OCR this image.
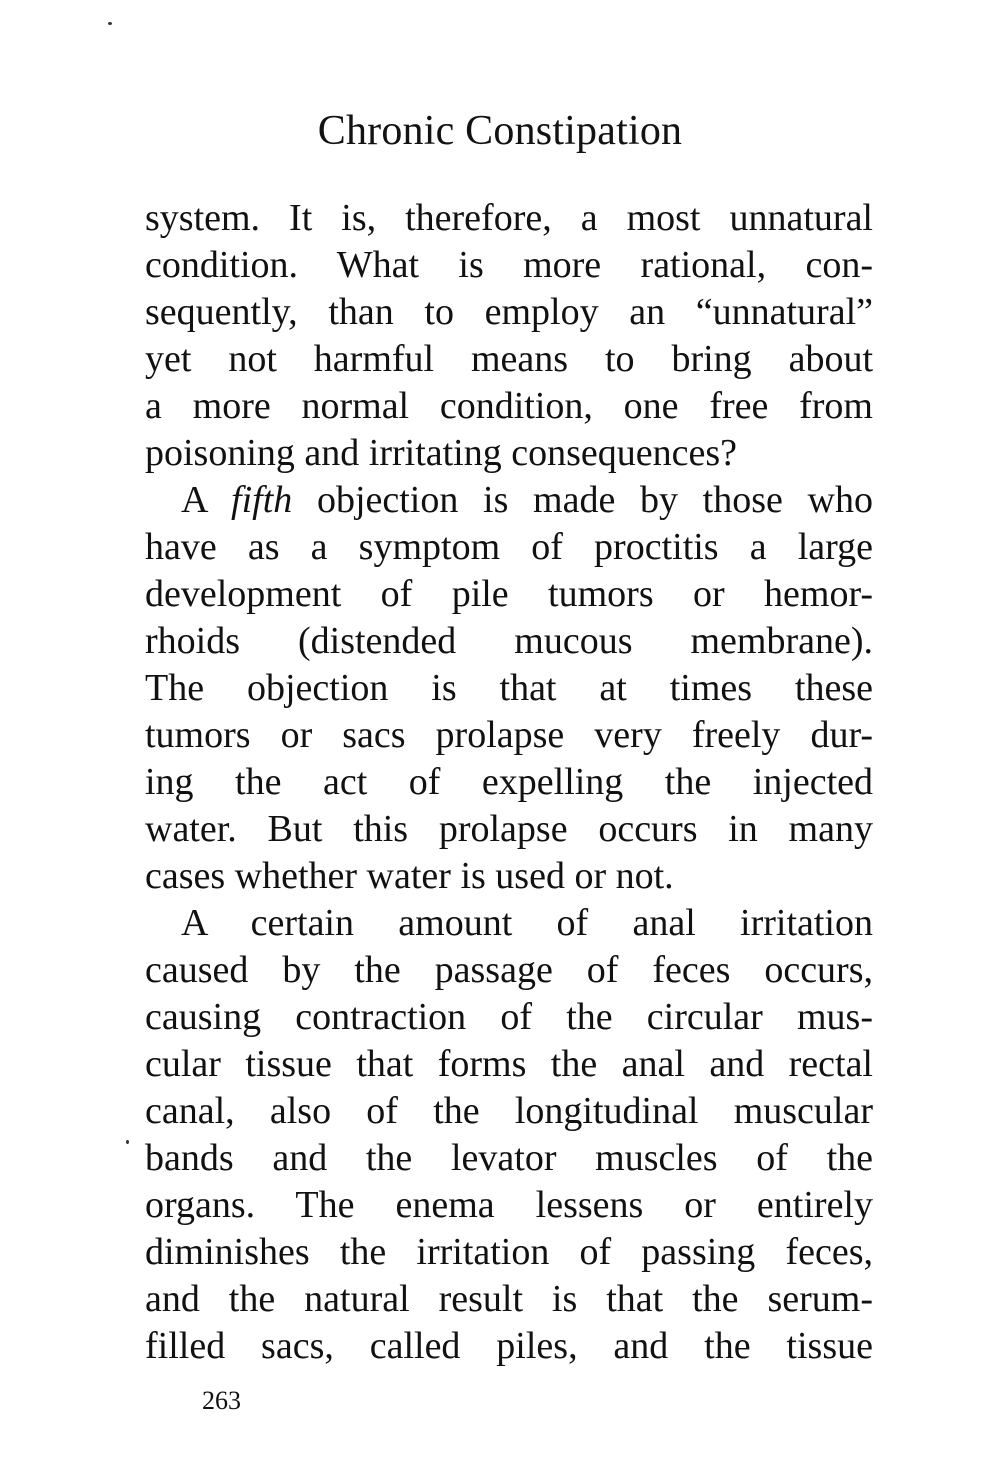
Chronic Constipation
system. It is, therefore, a most unnatural
condition. What is more rational, con-
sequently, than to employ an “unnatural”
yet not harmful means to bring about
a more normal condition, one free from
poisoning and irritating consequences?
A fifth objection is made by those who
have as a symptom of proctitis a large
development of pile tumors or hemor-
rhoids (distended mucous membrane).
The objection is that at times these
tumors or sacs prolapse very freely dur-
ing the act of expelling the injected
water. But this prolapse occurs in many
cases whether water is used or not.
A certain amount of anal irritation
caused by the passage of feces occurs,
causing contraction of the circular mus-
cular tissue that forms the anal and rectal
canal, also of the longitudinal muscular
bands and the levator muscles of the
organs. The enema lessens or entirely
diminishes the irritation of passing feces,
and the natural result is that the serum-
filled sacs, called piles, and the tissue
263
